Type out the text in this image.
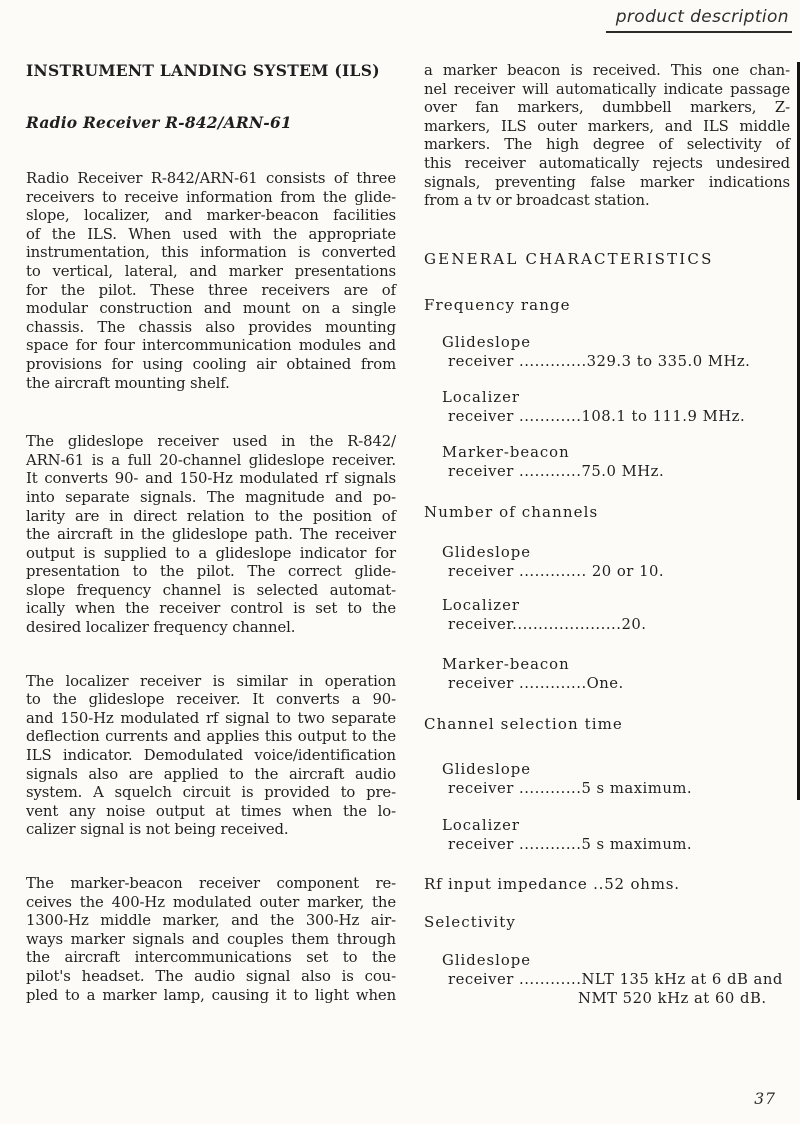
product description
INSTRUMENT LANDING SYSTEM (ILS)
Radio Receiver R-842/ARN-61
Radio Receiver R-842/ARN-61 consists of three
receivers to receive information from the glide-
slope, localizer, and marker-beacon facilities
of the ILS. When used with the appropriate
instrumentation, this information is converted
to vertical, lateral, and marker presentations
for the pilot. These three receivers are of
modular construction and mount on a single
chassis. The chassis also provides mounting
space for four intercommunication modules and
provisions for using cooling air obtained from
the aircraft mounting shelf.
The glideslope receiver used in the R-842/
ARN-61 is a full 20-channel glideslope receiver.
It converts 90- and 150-Hz modulated rf signals
into separate signals. The magnitude and po-
larity are in direct relation to the position of
the aircraft in the glideslope path. The receiver
output is supplied to a glideslope indicator for
presentation to the pilot. The correct glide-
slope frequency channel is selected automat-
ically when the receiver control is set to the
desired localizer frequency channel.
The localizer receiver is similar in operation
to the glideslope receiver. It converts a 90-
and 150-Hz modulated rf signal to two separate
deflection currents and applies this output to the
ILS indicator. Demodulated voice/identification
signals also are applied to the aircraft audio
system. A squelch circuit is provided to pre-
vent any noise output at times when the lo-
calizer signal is not being received.
The marker-beacon receiver component re-
ceives the 400-Hz modulated outer marker, the
1300-Hz middle marker, and the 300-Hz air-
ways marker signals and couples them through
the aircraft intercommunications set to the
pilot's headset. The audio signal also is cou-
pled to a marker lamp, causing it to light when
a marker beacon is received. This one chan-
nel receiver will automatically indicate passage
over fan markers, dumbbell markers, Z-
markers, ILS outer markers, and ILS middle
markers. The high degree of selectivity of
this receiver automatically rejects undesired
signals, preventing false marker indications
from a tv or broadcast station.
GENERAL CHARACTERISTICS
Frequency range
Glideslope
receiver .............329.3 to 335.0 MHz.
Localizer
receiver ............108.1 to 111.9 MHz.
Marker-beacon
receiver ............75.0 MHz.
Number of channels
Glideslope
receiver ............. 20 or 10.
Localizer
receiver.....................20.
Marker-beacon
receiver .............One.
Channel selection time
Glideslope
receiver ............5 s maximum.
Localizer
receiver ............5 s maximum.
Rf input impedance ..52 ohms.
Selectivity
Glideslope
receiver ............NLT 135 kHz at 6 dB and
NMT 520 kHz at 60 dB.
37
